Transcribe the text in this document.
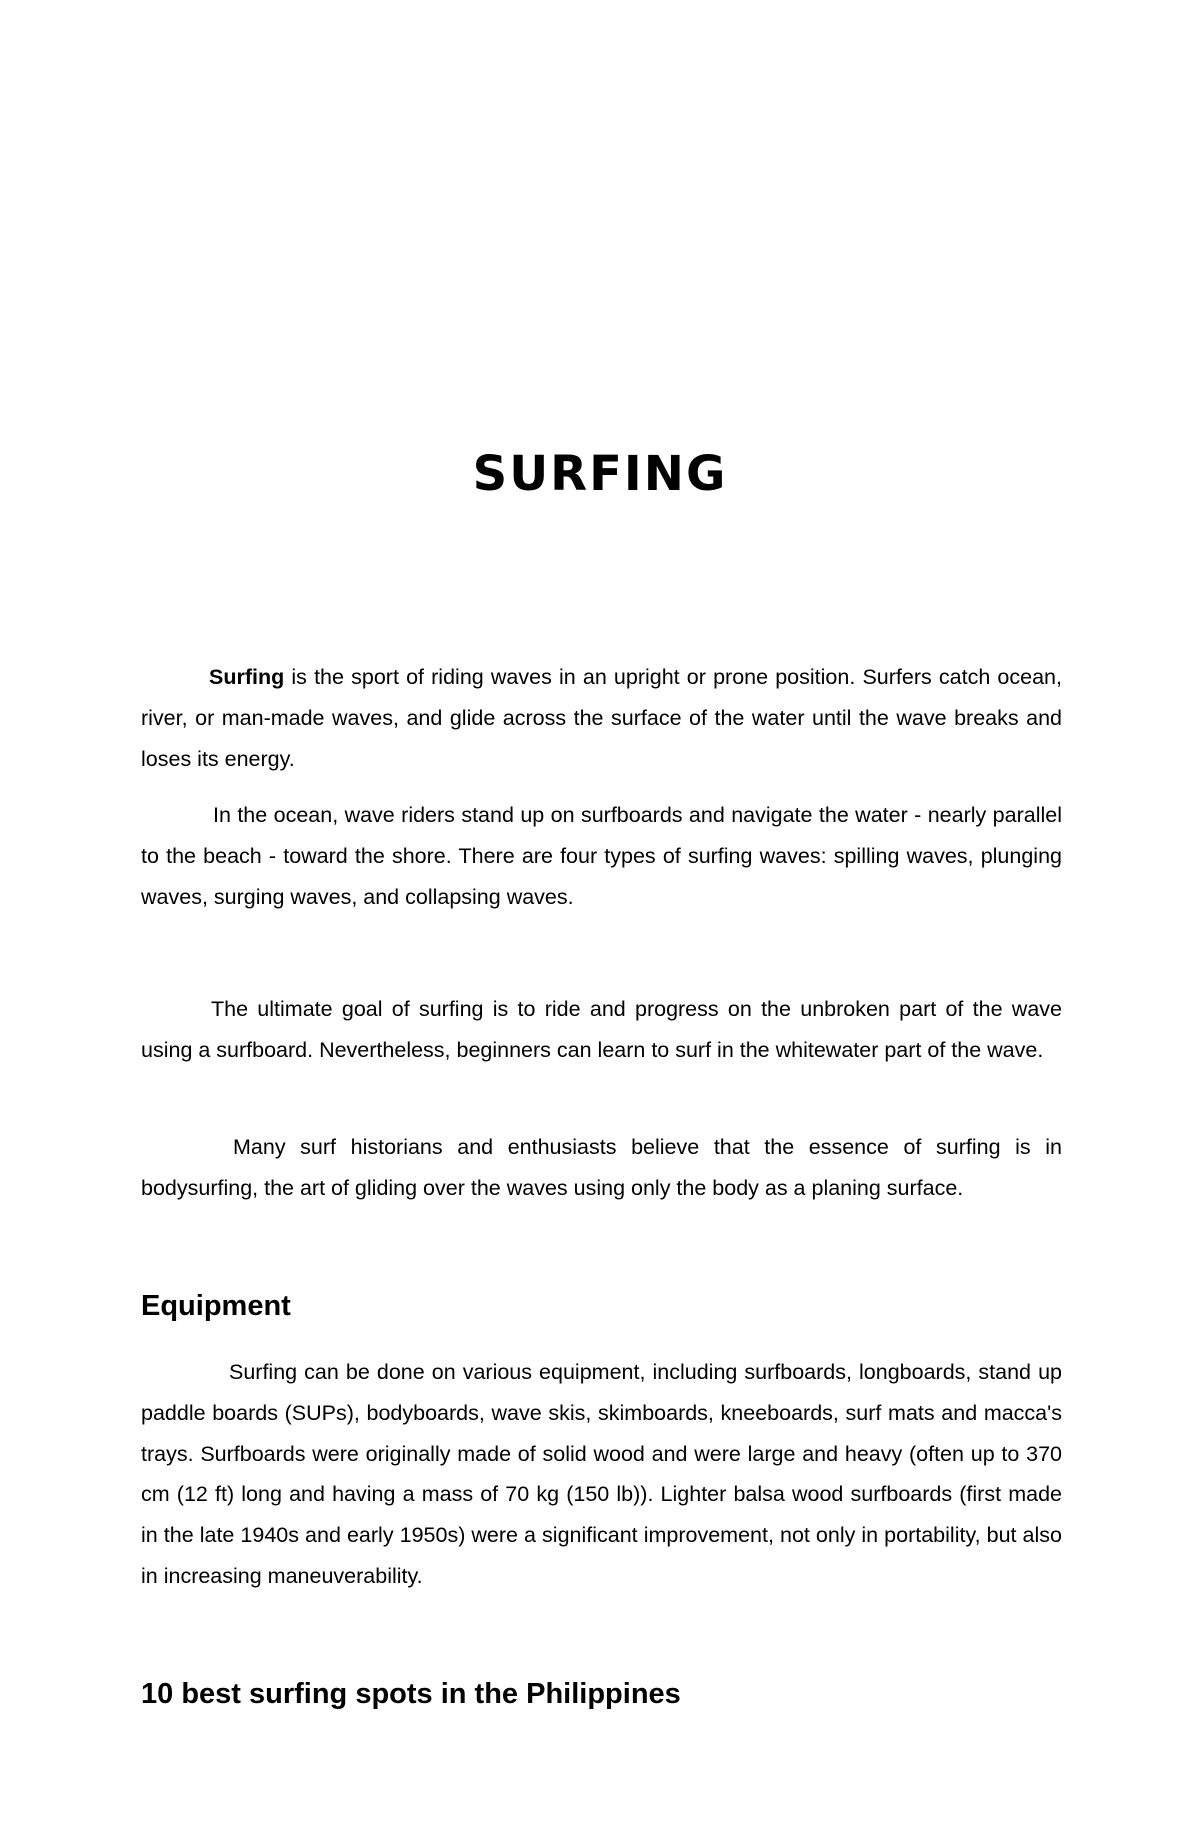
SURFING

Surfing is the sport of riding waves in an upright or prone position. Surfers catch ocean, river, or man-made waves, and glide across the surface of the water until the wave breaks and loses its energy.

In the ocean, wave riders stand up on surfboards and navigate the water - nearly parallel to the beach - toward the shore. There are four types of surfing waves: spilling waves, plunging waves, surging waves, and collapsing waves.

The ultimate goal of surfing is to ride and progress on the unbroken part of the wave using a surfboard. Nevertheless, beginners can learn to surf in the whitewater part of the wave.

Many surf historians and enthusiasts believe that the essence of surfing is in bodysurfing, the art of gliding over the waves using only the body as a planing surface.

Equipment

Surfing can be done on various equipment, including surfboards, longboards, stand up paddle boards (SUPs), bodyboards, wave skis, skimboards, kneeboards, surf mats and macca's trays. Surfboards were originally made of solid wood and were large and heavy (often up to 370 cm (12 ft) long and having a mass of 70 kg (150 lb)). Lighter balsa wood surfboards (first made in the late 1940s and early 1950s) were a significant improvement, not only in portability, but also in increasing maneuverability.

10 best surfing spots in the Philippines
